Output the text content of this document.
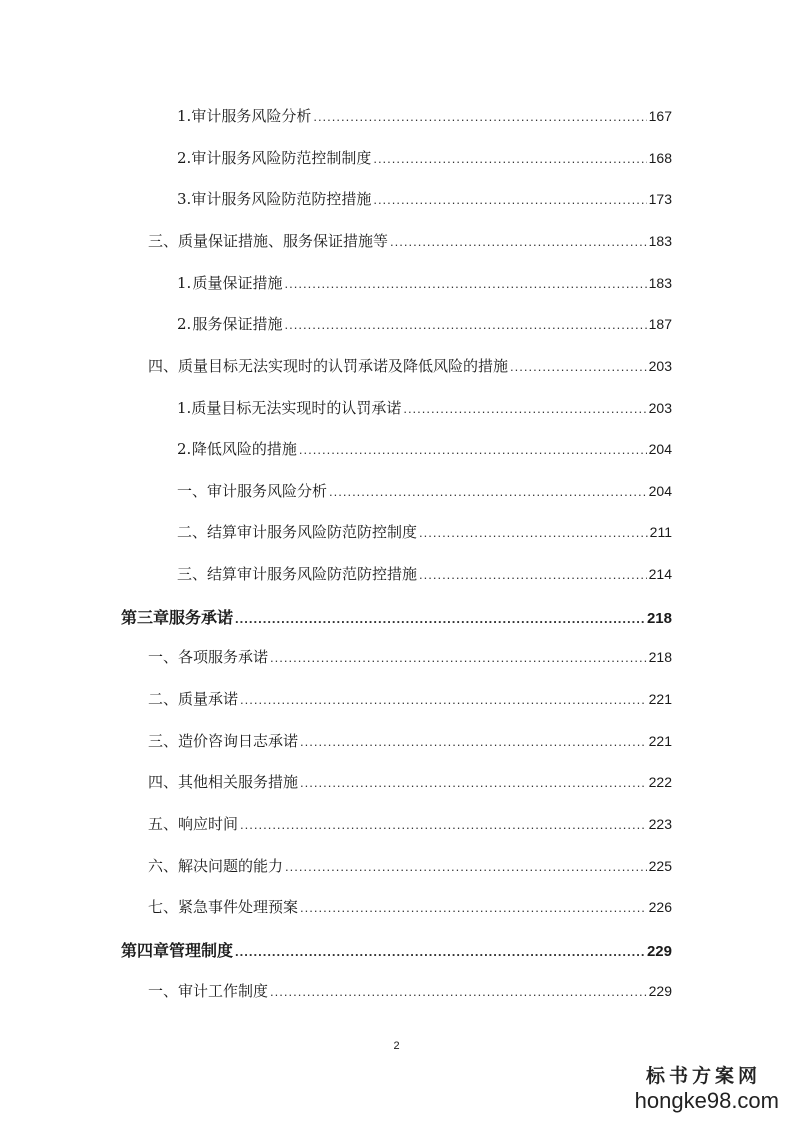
1. 审计服务风险分析 .....	167
2. 审计服务风险防范控制制度 .....	168
3. 审计服务风险防范防控措施 .....	173
三、 质量保证措施、服务保证措施等 .....	183
1. 质量保证措施 .....	183
2. 服务保证措施 .....	187
四、 质量目标无法实现时的认罚承诺及降低风险的措施 .....	203
1. 质量目标无法实现时的认罚承诺 .....	203
2. 降低风险的措施 .....	204
一、审计服务风险分析 .....	204
二、结算审计服务风险防范防控制度 .....	211
三、结算审计服务风险防范防控措施 .....	214
第三章 服务承诺 .....	218
一、 各项服务承诺 .....	218
二、 质量承诺 .....	221
三、 造价咨询日志承诺 .....	221
四、 其他相关服务措施 .....	222
五、 响应时间 .....	223
六、 解决问题的能力 .....	225
七、 紧急事件处理预案 .....	226
第四章 管理制度 .....	229
一、 审计工作制度 .....	229
2
标书方案网
hongke98.com
